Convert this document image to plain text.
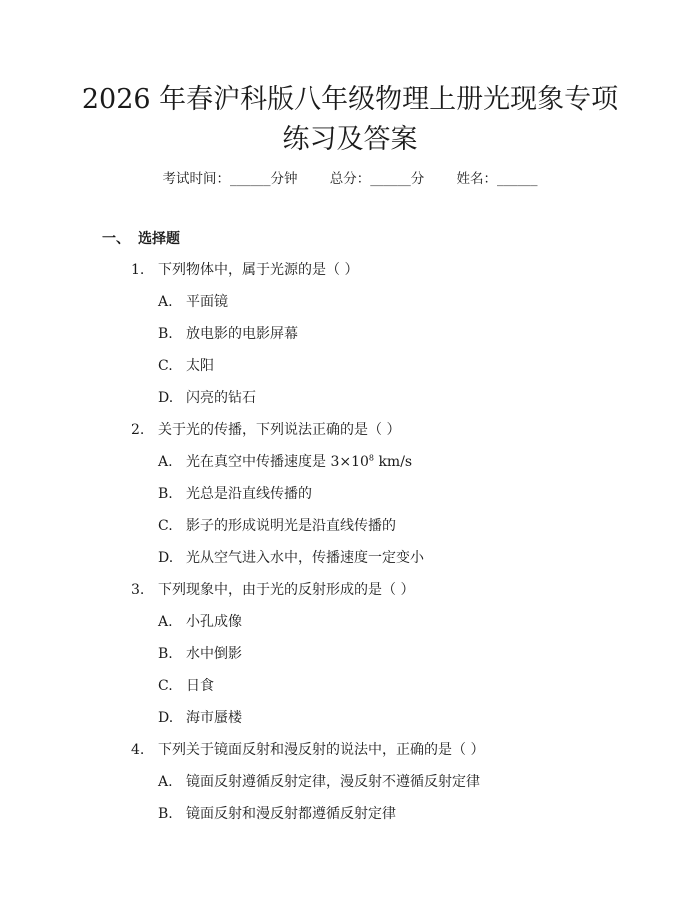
2026 年春沪科版八年级物理上册光现象专项
练习及答案
考试时间：______分钟 总分：______分 姓名：______
一、 选择题
1. 下列物体中，属于光源的是（ ）
A. 平面镜
B. 放电影的电影屏幕
C. 太阳
D. 闪亮的钻石
2. 关于光的传播，下列说法正确的是（ ）
A. 光在真空中传播速度是 $3\times 10^8$ km/s
B. 光总是沿直线传播的
C. 影子的形成说明光是沿直线传播的
D. 光从空气进入水中，传播速度一定变小
3. 下列现象中，由于光的反射形成的是（ ）
A. 小孔成像
B. 水中倒影
C. 日食
D. 海市蜃楼
4. 下列关于镜面反射和漫反射的说法中，正确的是（ ）
A. 镜面反射遵循反射定律，漫反射不遵循反射定律
B. 镜面反射和漫反射都遵循反射定律
